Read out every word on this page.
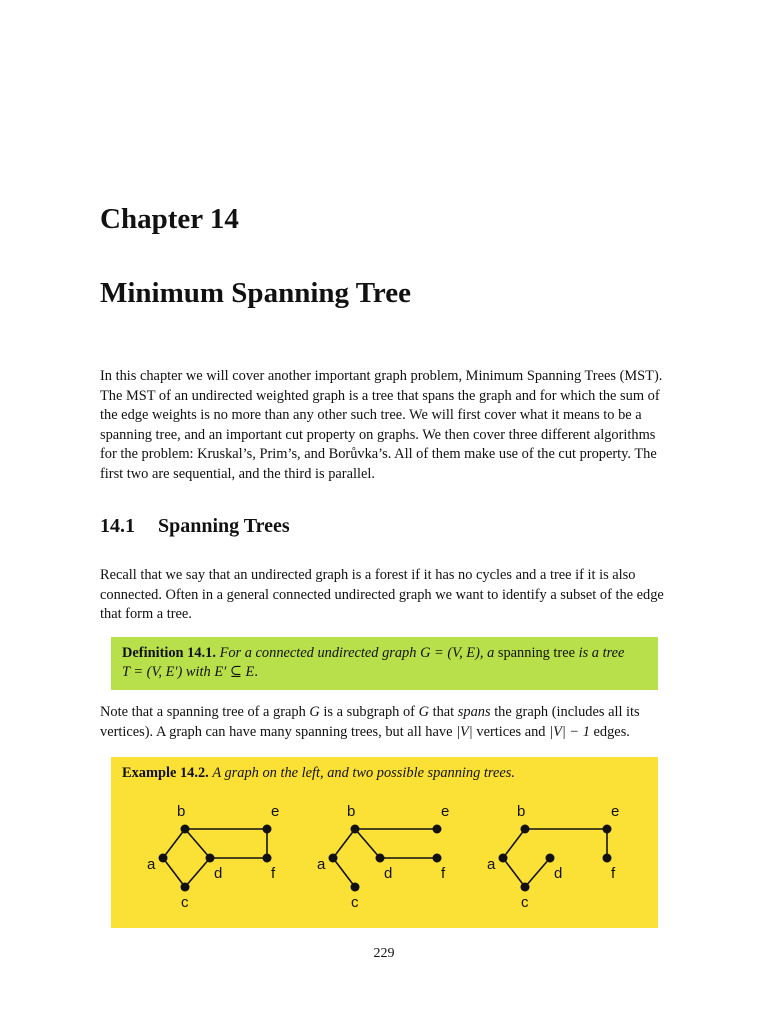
Chapter 14
Minimum Spanning Tree

In this chapter we will cover another important graph problem, Minimum Spanning Trees (MST). The MST of an undirected weighted graph is a tree that spans the graph and for which the sum of the edge weights is no more than any other such tree. We will first cover what it means to be a spanning tree, and an important cut property on graphs. We then cover three different algorithms for the problem: Kruskal’s, Prim’s, and Borůvka’s. All of them make use of the cut property. The first two are sequential, and the third is parallel.

14.1 Spanning Trees

Recall that we say that an undirected graph is a forest if it has no cycles and a tree if it is also connected. Often in a general connected undirected graph we want to identify a subset of the edge that form a tree.

Definition 14.1. For a connected undirected graph G = (V, E), a spanning tree is a tree
T = (V, E′) with E′ ⊆ E.

Note that a spanning tree of a graph G is a subgraph of G that spans the graph (includes all its vertices). A graph can have many spanning trees, but all have |V| vertices and |V| − 1 edges.

Example 14.2. A graph on the left, and two possible spanning trees.
a
b
c
d
e
f
a
b
c
d
e
f
a
b
c
d
e
f
229
